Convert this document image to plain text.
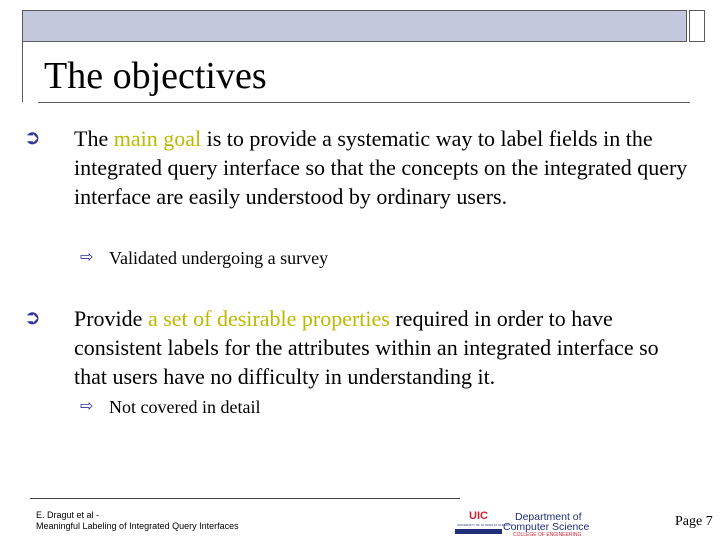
The objectives
➲ The main goal is to provide a systematic way to label fields in the integrated query interface so that the concepts on the integrated query interface are easily understood by ordinary users.
⇨ Validated undergoing a survey
➲ Provide a set of desirable properties required in order to have consistent labels for the attributes within an integrated interface so that users have no difficulty in understanding it.
⇨ Not covered in detail
E. Dragut et al -
Meaningful Labeling of Integrated Query Interfaces
UIC
UNIVERSITY OF ILLINOIS AT CHICAGO
Department of
Computer Science
COLLEGE OF ENGINEERING
Page 7
